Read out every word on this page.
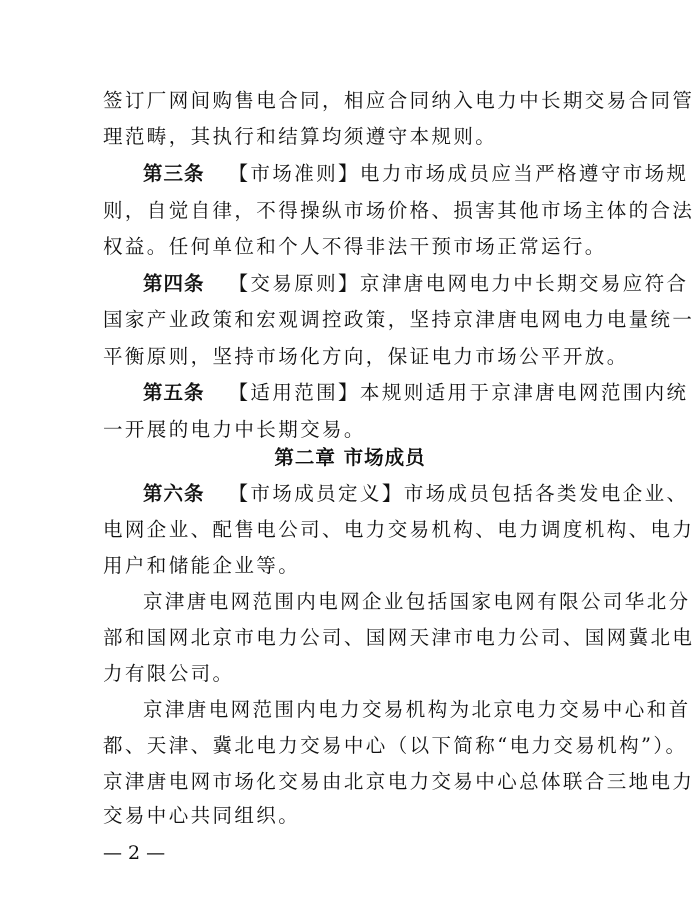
签订厂网间购售电合同，相应合同纳入电力中长期交易合同管
理范畴，其执行和结算均须遵守本规则。
第三条 【市场准则】电力市场成员应当严格遵守市场规
则，自觉自律，不得操纵市场价格、损害其他市场主体的合法
权益。任何单位和个人不得非法干预市场正常运行。
第四条 【交易原则】京津唐电网电力中长期交易应符合
国家产业政策和宏观调控政策，坚持京津唐电网电力电量统一
平衡原则，坚持市场化方向，保证电力市场公平开放。
第五条 【适用范围】本规则适用于京津唐电网范围内统
一开展的电力中长期交易。
第二章 市场成员
第六条 【市场成员定义】市场成员包括各类发电企业、
电网企业、配售电公司、电力交易机构、电力调度机构、电力
用户和储能企业等。
京津唐电网范围内电网企业包括国家电网有限公司华北分
部和国网北京市电力公司、国网天津市电力公司、国网冀北电
力有限公司。
京津唐电网范围内电力交易机构为北京电力交易中心和首
都、天津、冀北电力交易中心（以下简称“电力交易机构”）。
京津唐电网市场化交易由北京电力交易中心总体联合三地电力
— 2 —
交易中心共同组织。
